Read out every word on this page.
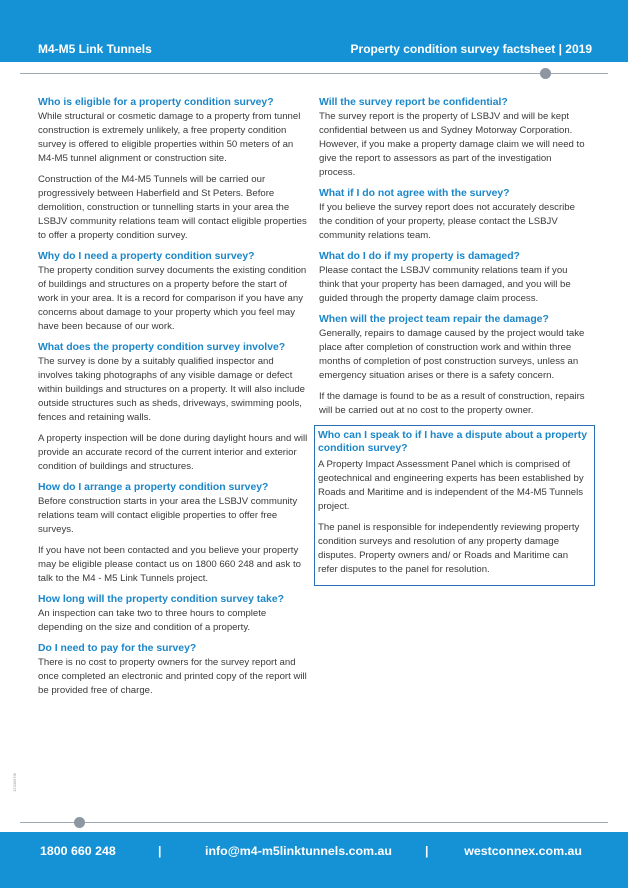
M4-M5 Link Tunnels	Property condition survey factsheet | 2019
Who is eligible for a property condition survey?
While structural or cosmetic damage to a property from tunnel construction is extremely unlikely, a free property condition survey is offered to eligible properties within 50 meters of an M4-M5 tunnel alignment or construction site.
Construction of the M4-M5 Tunnels will be carried our progressively between Haberfield and St Peters. Before demolition, construction or tunnelling starts in your area the LSBJV community relations team will contact eligible properties to offer a property condition survey.
Why do I need a property condition survey?
The property condition survey documents the existing condition of buildings and structures on a property before the start of work in your area. It is a record for comparison if you have any concerns about damage to your property which you feel may have been because of our work.
What does the property condition survey involve?
The survey is done by a suitably qualified inspector and involves taking photographs of any visible damage or defect within buildings and structures on a property. It will also include outside structures such as sheds, driveways, swimming pools, fences and retaining walls.
A property inspection will be done during daylight hours and will provide an accurate record of the current interior and exterior condition of buildings and structures.
How do I arrange a property condition survey?
Before construction starts in your area the LSBJV community relations team will contact eligible properties to offer free surveys.
If you have not been contacted and you believe your property may be eligible please contact us on 1800 660 248 and ask to talk to the M4 - M5 Link Tunnels project.
How long will the property condition survey take?
An inspection can take two to three hours to complete depending on the size and condition of a property.
Do I need to pay for the survey?
There is no cost to property owners for the survey report and once completed an electronic and printed copy of the report will be provided free of charge.
Will the survey report be confidential?
The survey report is the property of LSBJV and will be kept confidential between us and Sydney Motorway Corporation. However, if you make a property damage claim we will need to give the report to assessors as part of the investigation process.
What if I do not agree with the survey?
If you believe the survey report does not accurately describe the condition of your property, please contact the LSBJV community relations team.
What do I do if my property is damaged?
Please contact the LSBJV community relations team if you think that your property has been damaged, and you will be guided through the property damage claim process.
When will the project team repair the damage?
Generally, repairs to damage caused by the project would take place after completion of construction work and within three months of completion of post construction surveys, unless an emergency situation arises or there is a safety concern.
If the damage is found to be as a result of construction, repairs will be carried out at no cost to the property owner.
Who can I speak to if I have a dispute about a property condition survey?
A Property Impact Assessment Panel which is comprised of geotechnical and engineering experts has been established by Roads and Maritime and is independent of the M4-M5 Tunnels project.
The panel is responsible for independently reviewing property condition surveys and resolution of any property damage disputes. Property owners and/ or Roads and Maritime can refer disputes to the panel for resolution.
1234567/8
1800 660 248	|	info@m4-m5linktunnels.com.au	|	westconnex.com.au
